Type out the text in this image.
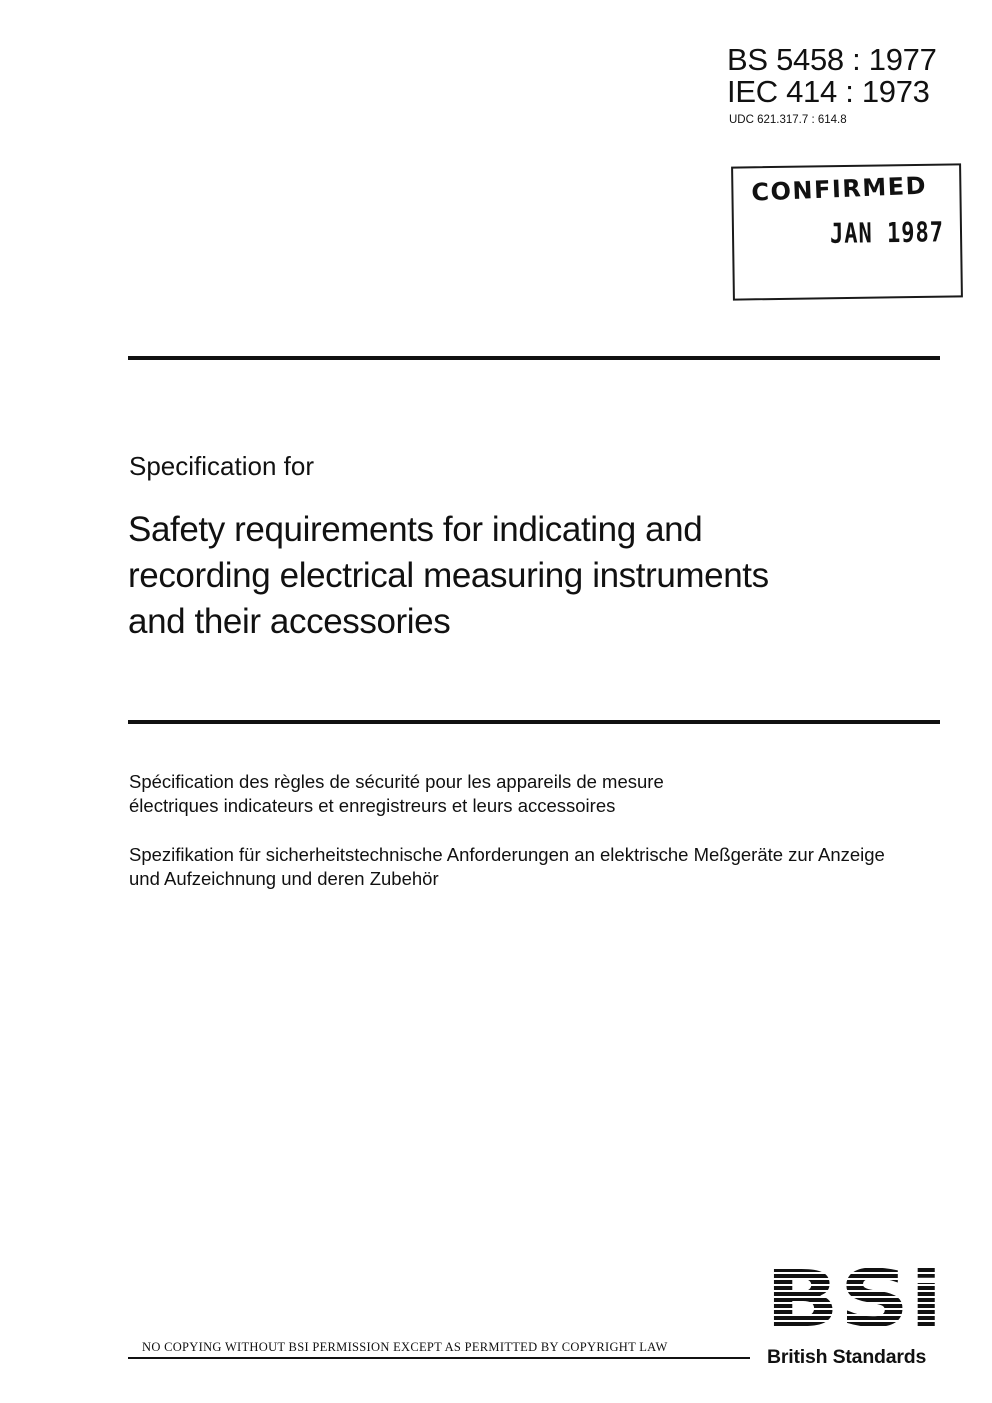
BS 5458 : 1977
IEC 414 : 1973
UDC 621.317.7 : 614.8
CONFIRMED
JAN 1987
Specification for
Safety requirements for indicating and recording electrical measuring instruments and their accessories
Spécification des règles de sécurité pour les appareils de mesure électriques indicateurs et enregistreurs et leurs accessoires
Spezifikation für sicherheitstechnische Anforderungen an elektrische Meßgeräte zur Anzeige und Aufzeichnung und deren Zubehör
NO COPYING WITHOUT BSI PERMISSION EXCEPT AS PERMITTED BY COPYRIGHT LAW
BSi
British Standards
